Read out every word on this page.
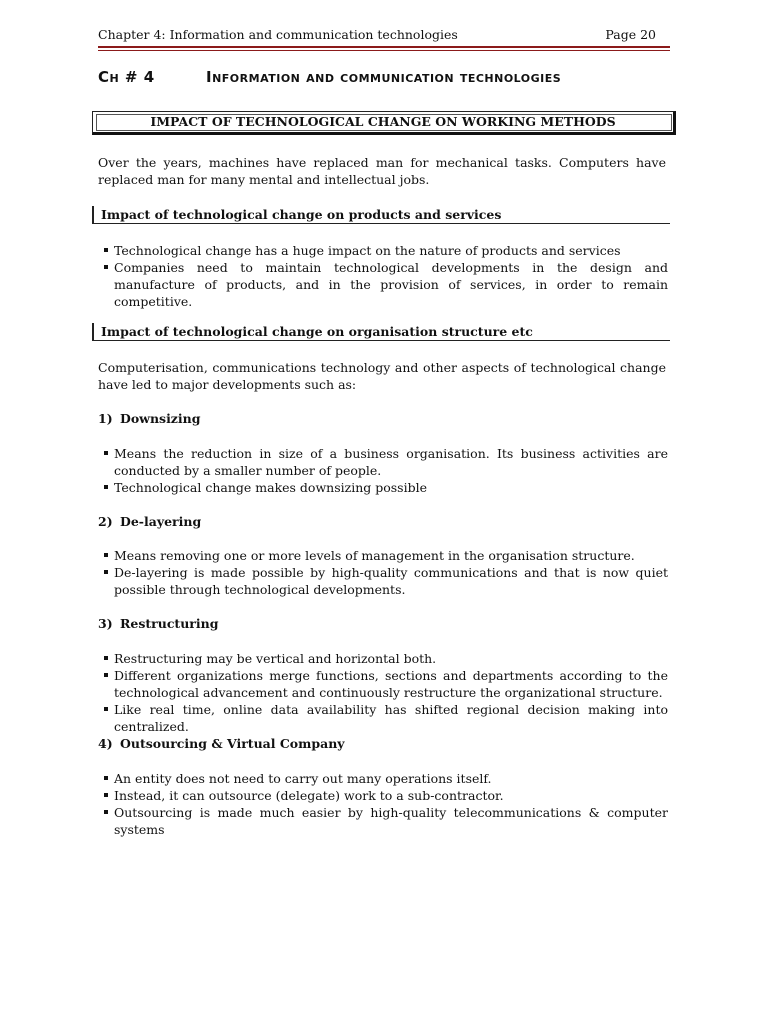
Chapter 4: Information and communication technologies	Page 20
Ch # 4	Information and communication technologies
IMPACT OF TECHNOLOGICAL CHANGE ON WORKING METHODS
Over the years, machines have replaced man for mechanical tasks. Computers have replaced man for many mental and intellectual jobs.
Impact of technological change on products and services
Technological change has a huge impact on the nature of products and services
Companies need to maintain technological developments in the design and manufacture of products, and in the provision of services, in order to remain competitive.
Impact of technological change on organisation structure etc
Computerisation, communications technology and other aspects of technological change have led to major developments such as:
1) Downsizing
Means the reduction in size of a business organisation. Its business activities are conducted by a smaller number of people.
Technological change makes downsizing possible
2) De-layering
Means removing one or more levels of management in the organisation structure.
De-layering is made possible by high-quality communications and that is now quiet possible through technological developments.
3) Restructuring
Restructuring may be vertical and horizontal both.
Different organizations merge functions, sections and departments according to the technological advancement and continuously restructure the organizational structure.
Like real time, online data availability has shifted regional decision making into centralized.
4) Outsourcing & Virtual Company
An entity does not need to carry out many operations itself.
Instead, it can outsource (delegate) work to a sub-contractor.
Outsourcing is made much easier by high-quality telecommunications & computer systems
